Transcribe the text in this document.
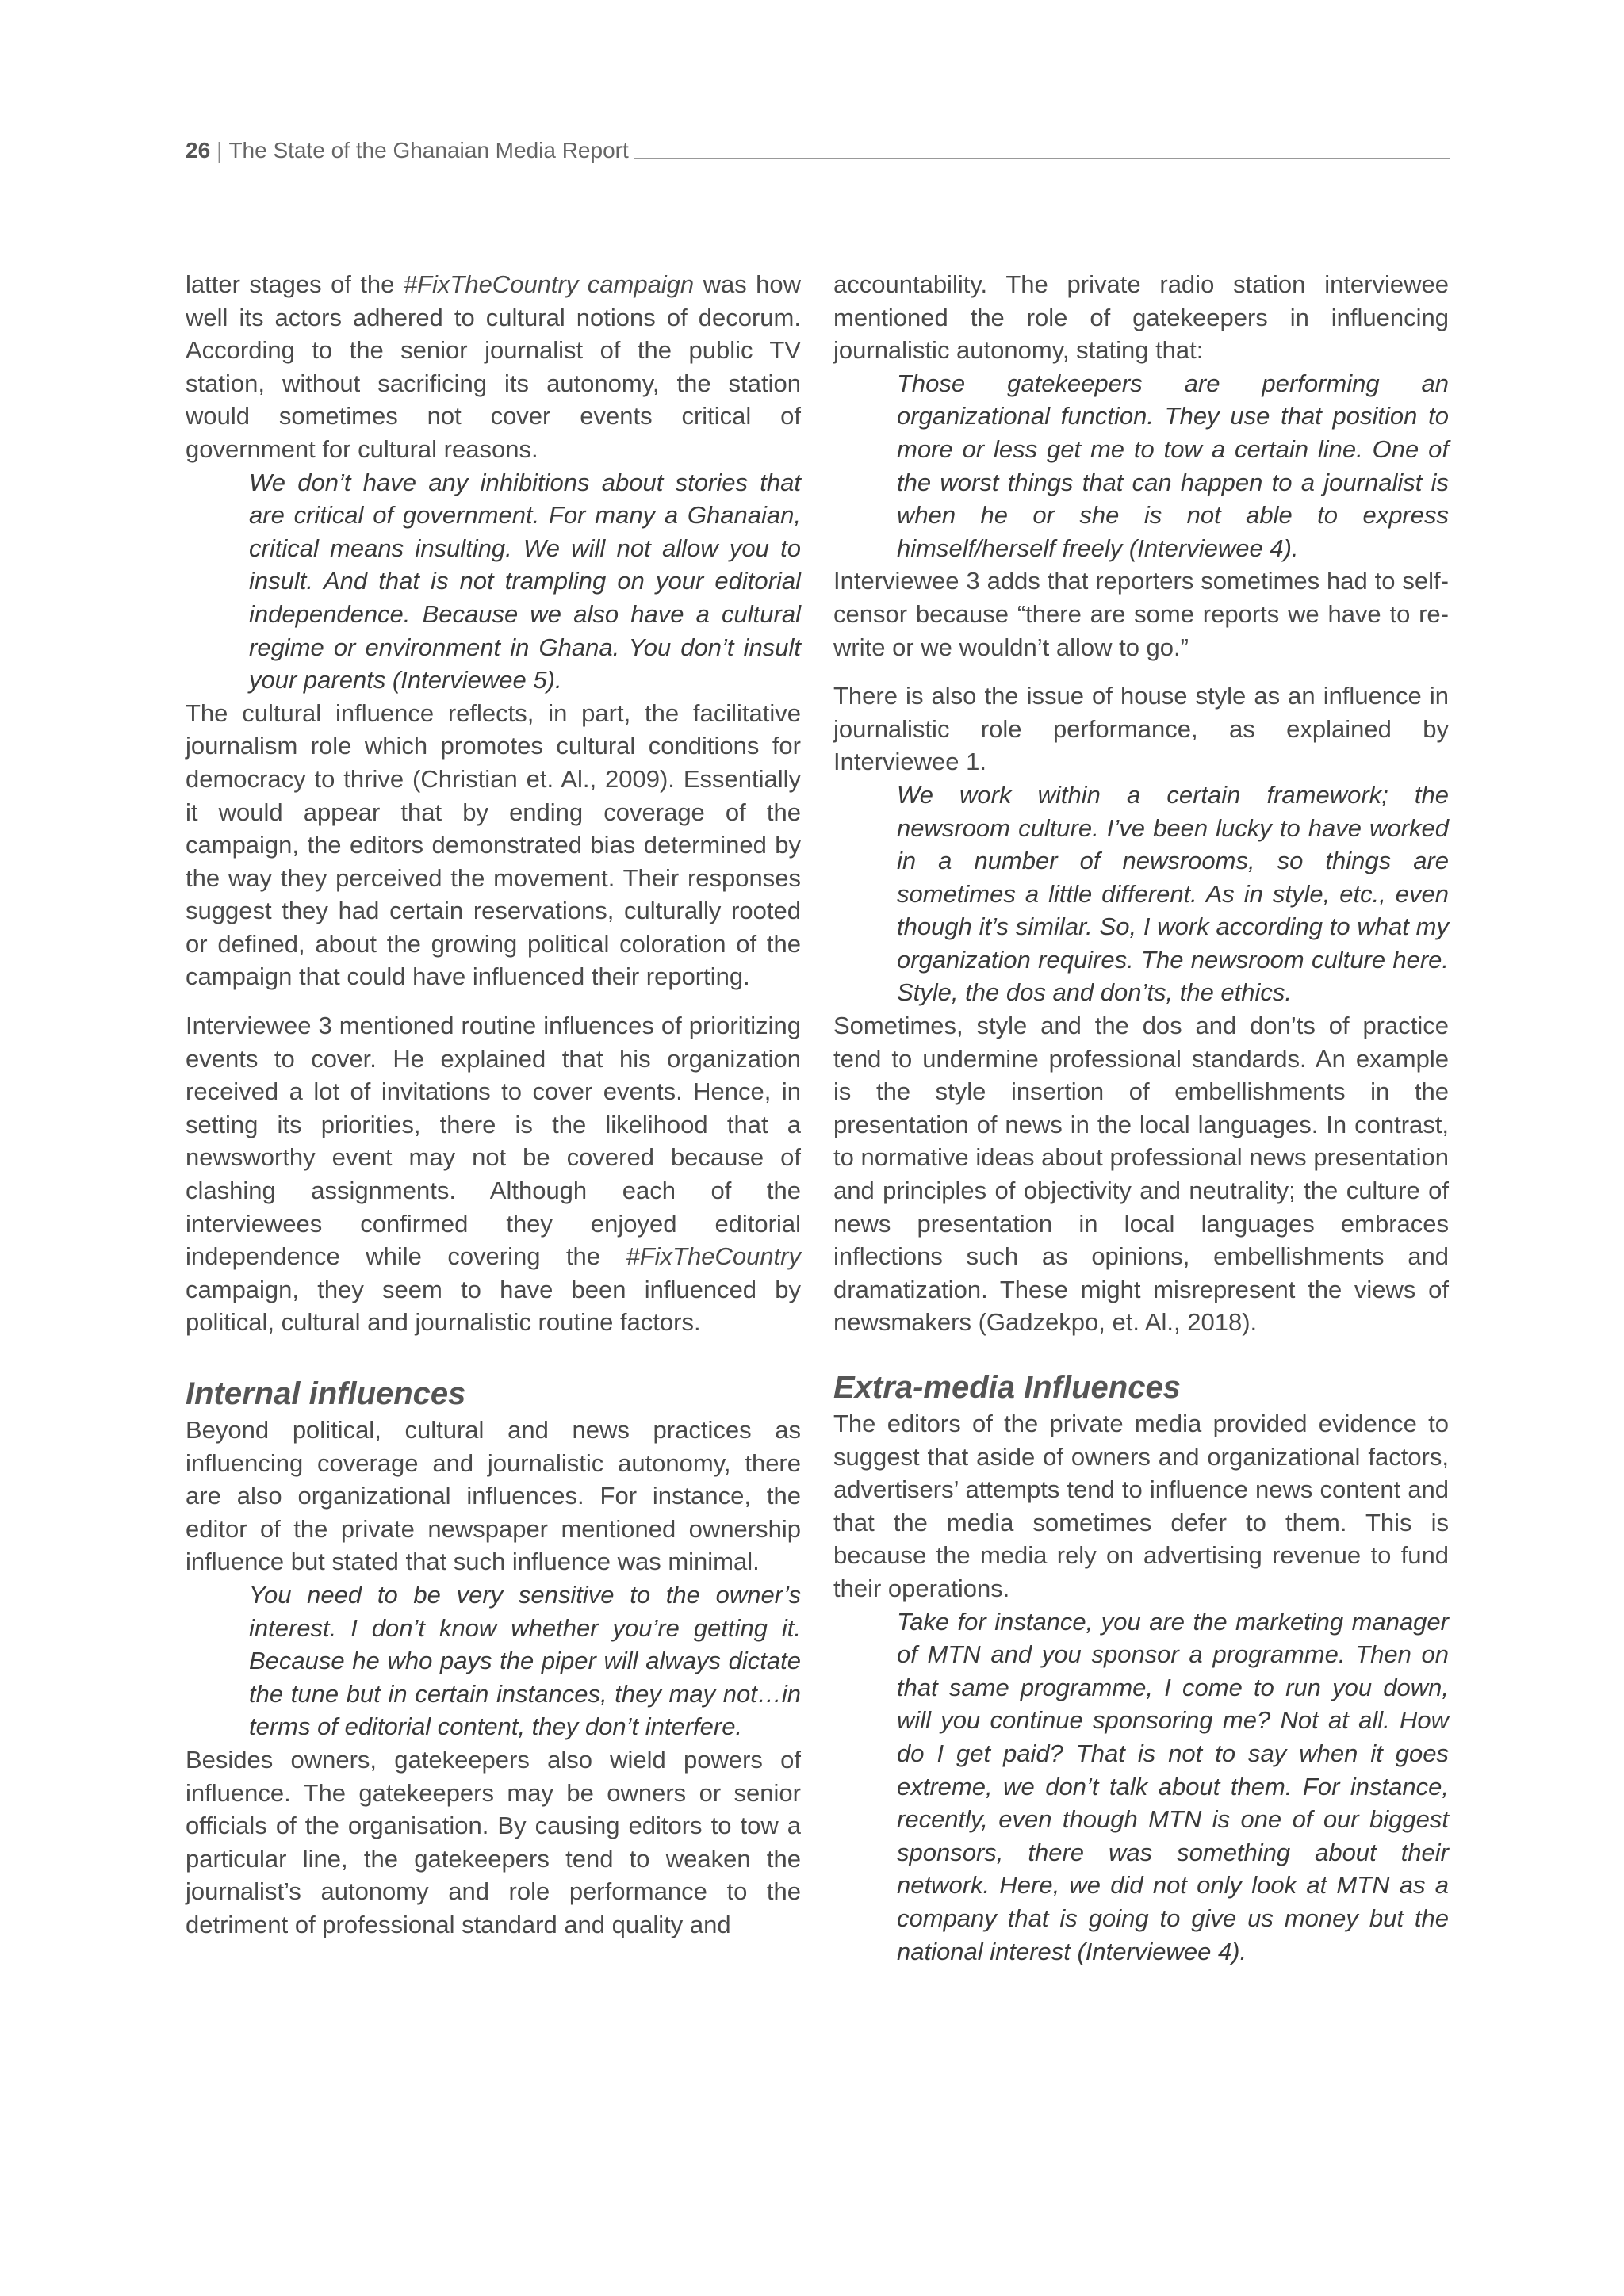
26 | The State of the Ghanaian Media Report

latter stages of the #FixTheCountry campaign was how well its actors adhered to cultural notions of decorum. According to the senior journalist of the public TV station, without sacrificing its autonomy, the station would sometimes not cover events critical of government for cultural reasons.

We don’t have any inhibitions about stories that are critical of government. For many a Ghanaian, critical means insulting. We will not allow you to insult. And that is not trampling on your editorial independence. Because we also have a cultural regime or environment in Ghana. You don’t insult your parents (Interviewee 5).

The cultural influence reflects, in part, the facilitative journalism role which promotes cultural conditions for democracy to thrive (Christian et. Al., 2009). Essentially it would appear that by ending coverage of the campaign, the editors demonstrated bias determined by the way they perceived the movement. Their responses suggest they had certain reservations, culturally rooted or defined, about the growing political coloration of the campaign that could have influenced their reporting.

Interviewee 3 mentioned routine influences of prioritizing events to cover. He explained that his organization received a lot of invitations to cover events. Hence, in setting its priorities, there is the likelihood that a newsworthy event may not be covered because of clashing assignments. Although each of the interviewees confirmed they enjoyed editorial independence while covering the #FixTheCountry campaign, they seem to have been influenced by political, cultural and journalistic routine factors.

Internal influences

Beyond political, cultural and news practices as influencing coverage and journalistic autonomy, there are also organizational influences. For instance, the editor of the private newspaper mentioned ownership influence but stated that such influence was minimal.

You need to be very sensitive to the owner’s interest. I don’t know whether you’re getting it. Because he who pays the piper will always dictate the tune but in certain instances, they may not…in terms of editorial content, they don’t interfere.

Besides owners, gatekeepers also wield powers of influence. The gatekeepers may be owners or senior officials of the organisation. By causing editors to tow a particular line, the gatekeepers tend to weaken the journalist’s autonomy and role performance to the detriment of professional standard and quality and

accountability. The private radio station interviewee mentioned the role of gatekeepers in influencing journalistic autonomy, stating that:

Those gatekeepers are performing an organizational function. They use that position to more or less get me to tow a certain line. One of the worst things that can happen to a journalist is when he or she is not able to express himself/herself freely (Interviewee 4).

Interviewee 3 adds that reporters sometimes had to self-censor because “there are some reports we have to re-write or we wouldn’t allow to go.”

There is also the issue of house style as an influence in journalistic role performance, as explained by Interviewee 1.

We work within a certain framework; the newsroom culture. I’ve been lucky to have worked in a number of newsrooms, so things are sometimes a little different. As in style, etc., even though it’s similar. So, I work according to what my organization requires. The newsroom culture here. Style, the dos and don’ts, the ethics.

Sometimes, style and the dos and don’ts of practice tend to undermine professional standards. An example is the style insertion of embellishments in the presentation of news in the local languages. In contrast, to normative ideas about professional news presentation and principles of objectivity and neutrality; the culture of news presentation in local languages embraces inflections such as opinions, embellishments and dramatization. These might misrepresent the views of newsmakers (Gadzekpo, et. Al., 2018).

Extra-media Influences

The editors of the private media provided evidence to suggest that aside of owners and organizational factors, advertisers’ attempts tend to influence news content and that the media sometimes defer to them. This is because the media rely on advertising revenue to fund their operations.

Take for instance, you are the marketing manager of MTN and you sponsor a programme. Then on that same programme, I come to run you down, will you continue sponsoring me? Not at all. How do I get paid? That is not to say when it goes extreme, we don’t talk about them. For instance, recently, even though MTN is one of our biggest sponsors, there was something about their network. Here, we did not only look at MTN as a company that is going to give us money but the national interest (Interviewee 4).
